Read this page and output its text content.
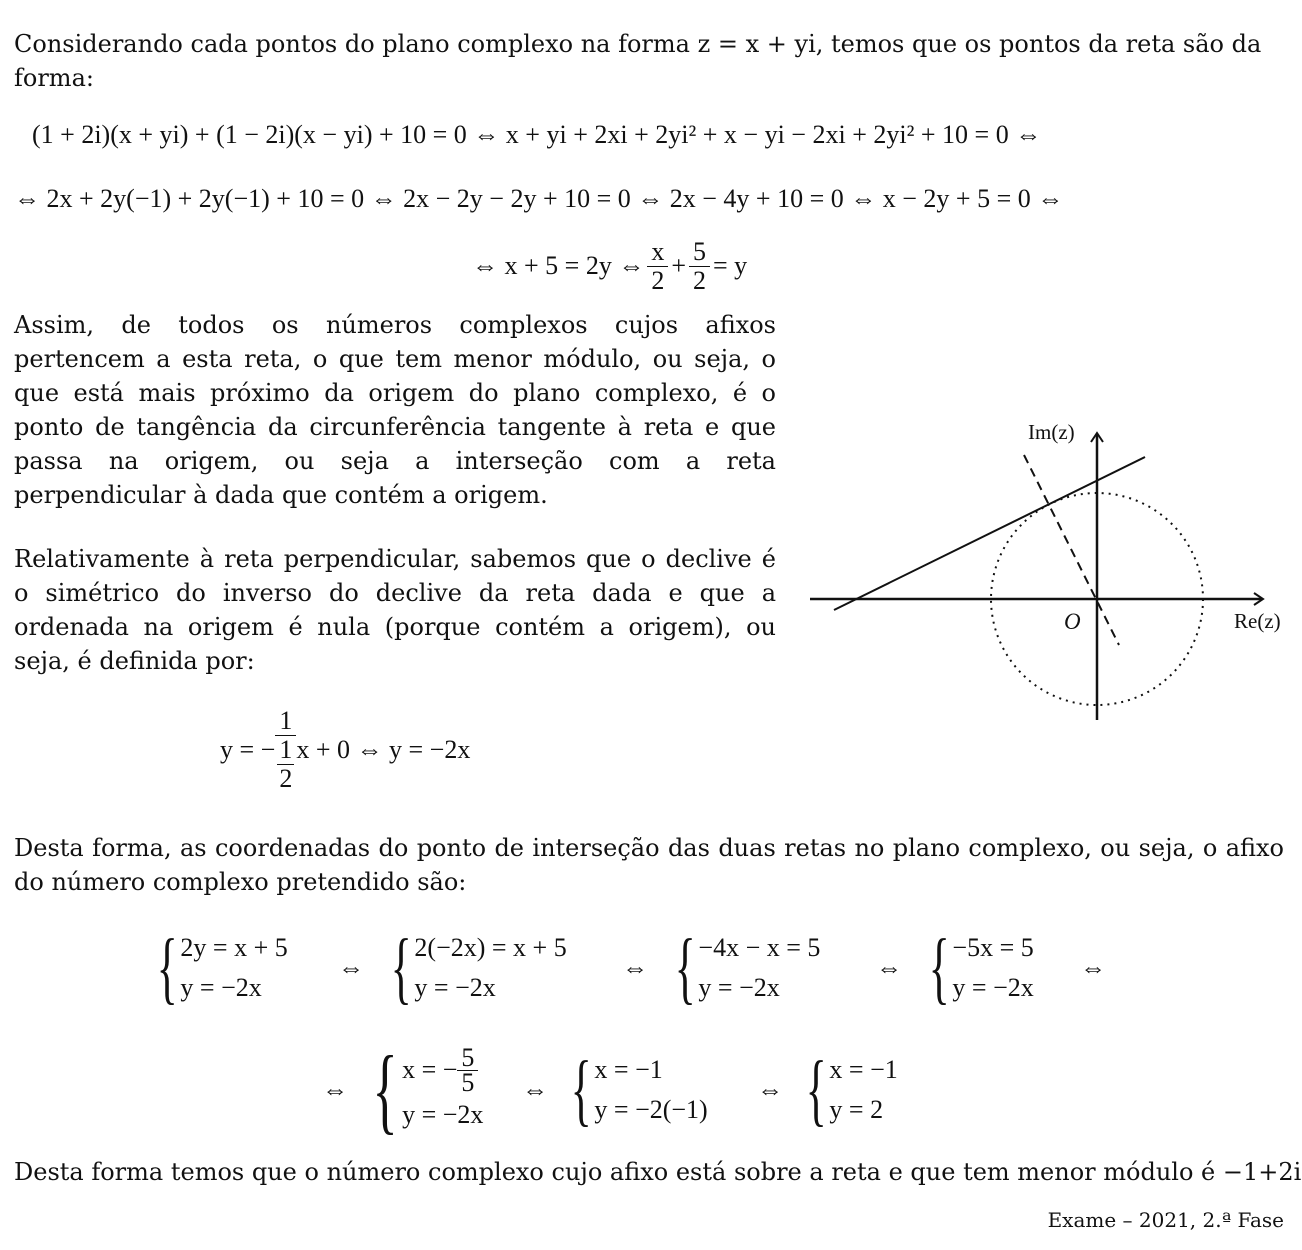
Considerando cada pontos do plano complexo na forma z = x + yi, temos que os pontos da reta são da
forma:
(1 + 2i)(x + yi) + (1 − 2i)(x − yi) + 10 = 0 ⇔ x + yi + 2xi + 2yi² + x − yi − 2xi + 2yi² + 10 = 0 ⇔
⇔ 2x + 2y(−1) + 2y(−1) + 10 = 0 ⇔ 2x − 2y − 2y + 10 = 0 ⇔ 2x − 4y + 10 = 0 ⇔ x − 2y + 5 = 0 ⇔
⇔ x + 5 = 2y ⇔ $\frac{x}{2} + \frac{5}{2} = y$
Assim, de todos os números complexos cujos afixos pertencem a esta reta, o que tem menor módulo, ou seja, o que está mais próximo da origem do plano complexo, é o ponto de tangência da circunferência tangente à reta e que passa na origem, ou seja a interseção com a reta perpendicular à dada que contém a origem.
Relativamente à reta perpendicular, sabemos que o declive é o simétrico do inverso do declive da reta dada e que a ordenada na origem é nula (porque contém a origem), ou seja, é definida por:
y = − $\frac{1}{\frac{1}{2}}$ x + 0 ⇔ y = −2x
Im(z)
Re(z)
O
Desta forma, as coordenadas do ponto de interseção das duas retas no plano complexo, ou seja, o afixo do número complexo pretendido são:
{ 2y = x + 5
y = −2x
⇔ { 2(−2x) = x + 5
y = −2x
⇔ { −4x − x = 5
y = −2x
⇔ { −5x = 5
y = −2x
⇔
⇔ { x = − $\frac{5}{5}$
y = −2x
⇔ { x = −1
y = −2(−1)
⇔ { x = −1
y = 2
Desta forma temos que o número complexo cujo afixo está sobre a reta e que tem menor módulo é −1+2i
Exame – 2021, 2.ª Fase
